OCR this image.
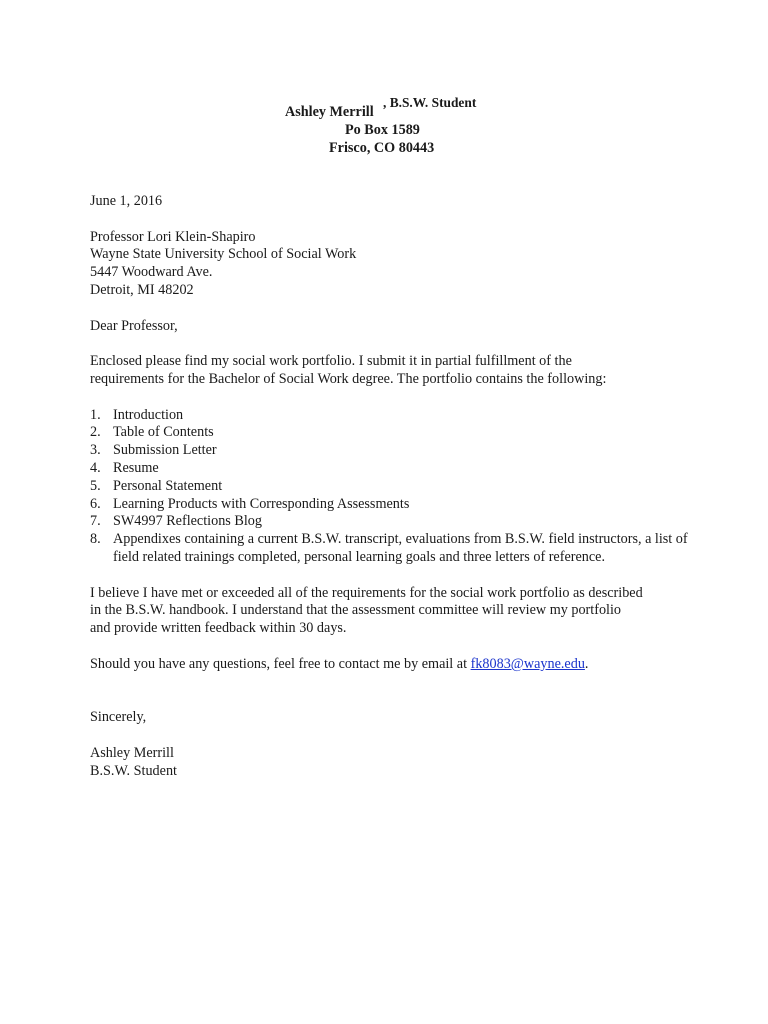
Ashley Merrill
, B.S.W. Student
Po Box 1589
Frisco, CO 80443
June 1, 2016
Professor Lori Klein-Shapiro
Wayne State University School of Social Work
5447 Woodward Ave.
Detroit, MI 48202
Dear Professor,
Enclosed please find my social work portfolio. I submit it in partial fulfillment of the
requirements for the Bachelor of Social Work degree. The portfolio contains the following:
1. Introduction
2. Table of Contents
3. Submission Letter
4. Resume
5. Personal Statement
6. Learning Products with Corresponding Assessments
7. SW4997 Reflections Blog
8. Appendixes containing a current B.S.W. transcript, evaluations from B.S.W. field instructors, a list of field related trainings completed, personal learning goals and three letters of reference.
I believe I have met or exceeded all of the requirements for the social work portfolio as described
in the B.S.W. handbook. I understand that the assessment committee will review my portfolio
and provide written feedback within 30 days.
Should you have any questions, feel free to contact me by email at fk8083@wayne.edu.
Sincerely,
Ashley Merrill
B.S.W. Student
